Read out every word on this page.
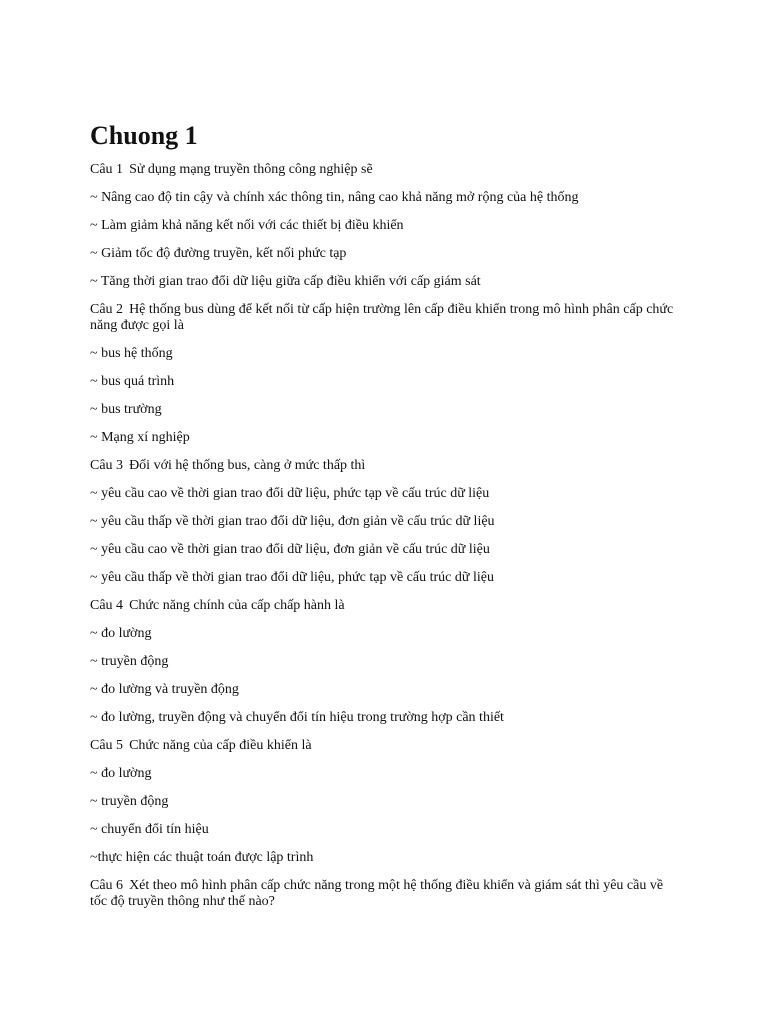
Chuong 1
Câu 1 Sử dụng mạng truyền thông công nghiệp sẽ
~ Nâng cao độ tin cậy và chính xác thông tin, nâng cao khả năng mở rộng của hệ thống
~ Làm giảm khả năng kết nối với các thiết bị điều khiển
~ Giảm tốc độ đường truyền, kết nối phức tạp
~ Tăng thời gian trao đổi dữ liệu giữa cấp điều khiển với cấp giám sát
Câu 2 Hệ thống bus dùng để kết nối từ cấp hiện trường lên cấp điều khiển trong mô hình phân cấp chức năng được gọi là
~ bus hệ thống
~ bus quá trình
~ bus trường
~ Mạng xí nghiệp
Câu 3 Đối với hệ thống bus, càng ở mức thấp thì
~ yêu cầu cao về thời gian trao đổi dữ liệu, phức tạp về cấu trúc dữ liệu
~ yêu cầu thấp về thời gian trao đổi dữ liệu, đơn giản về cấu trúc dữ liệu
~ yêu cầu cao về thời gian trao đổi dữ liệu, đơn giản về cấu trúc dữ liệu
~ yêu cầu thấp về thời gian trao đổi dữ liệu, phức tạp về cấu trúc dữ liệu
Câu 4 Chức năng chính của cấp chấp hành là
~ đo lường
~ truyền động
~ đo lường và truyền động
~ đo lường, truyền động và chuyển đổi tín hiệu trong trường hợp cần thiết
Câu 5 Chức năng của cấp điều khiển là
~ đo lường
~ truyền động
~ chuyển đổi tín hiệu
~thực hiện các thuật toán được lập trình
Câu 6 Xét theo mô hình phân cấp chức năng trong một hệ thống điều khiển và giám sát thì yêu cầu về tốc độ truyền thông như thế nào?
